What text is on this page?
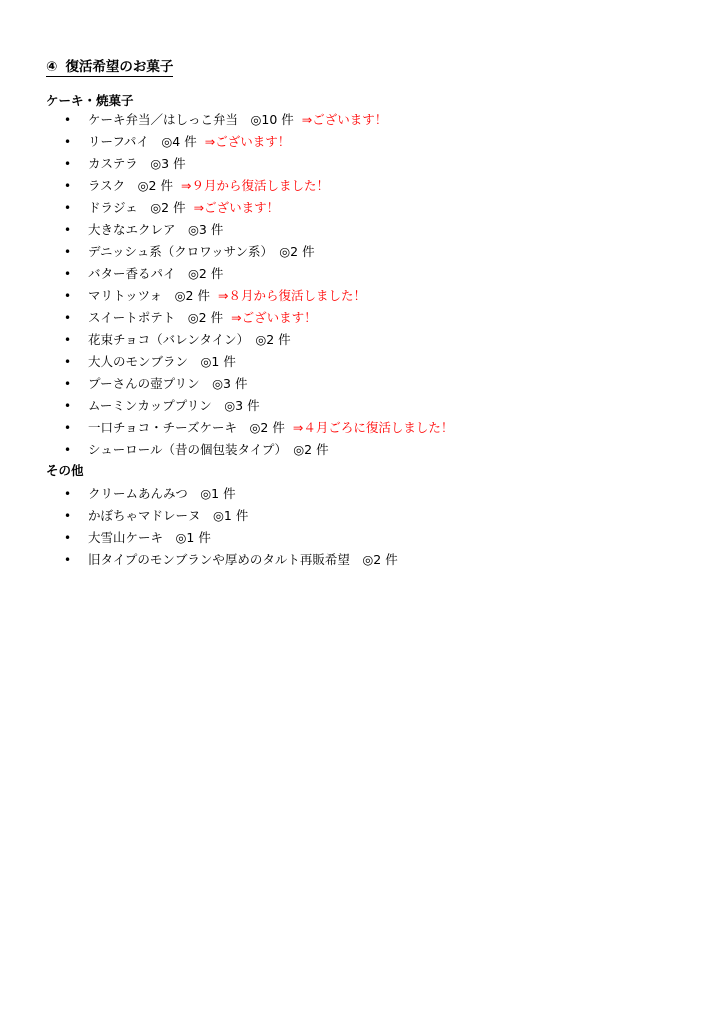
④ 復活希望のお菓子
ケーキ・焼菓子
• ケーキ弁当／はしっこ弁当　◎10 件 ⇒ございます！
• リーフパイ　◎4 件 ⇒ございます！
• カステラ　◎3 件
• ラスク　◎2 件 ⇒９月から復活しました！
• ドラジェ　◎2 件 ⇒ございます！
• 大きなエクレア　◎3 件
• デニッシュ系（クロワッサン系）　◎2 件
• バター香るパイ　◎2 件
• マリトッツォ　◎2 件 ⇒８月から復活しました！
• スイートポテト　◎2 件 ⇒ございます！
• 花束チョコ（バレンタイン）　◎2 件
• 大人のモンブラン　◎1 件
• プーさんの壺プリン　◎3 件
• ムーミンカッププリン　◎3 件
• 一口チョコ・チーズケーキ　◎2 件 ⇒４月ごろに復活しました！
• シューロール（昔の個包装タイプ）　◎2 件
その他
• クリームあんみつ　◎1 件
• かぼちゃマドレーヌ　◎1 件
• 大雪山ケーキ　◎1 件
• 旧タイプのモンブランや厚めのタルト再販希望　◎2 件
